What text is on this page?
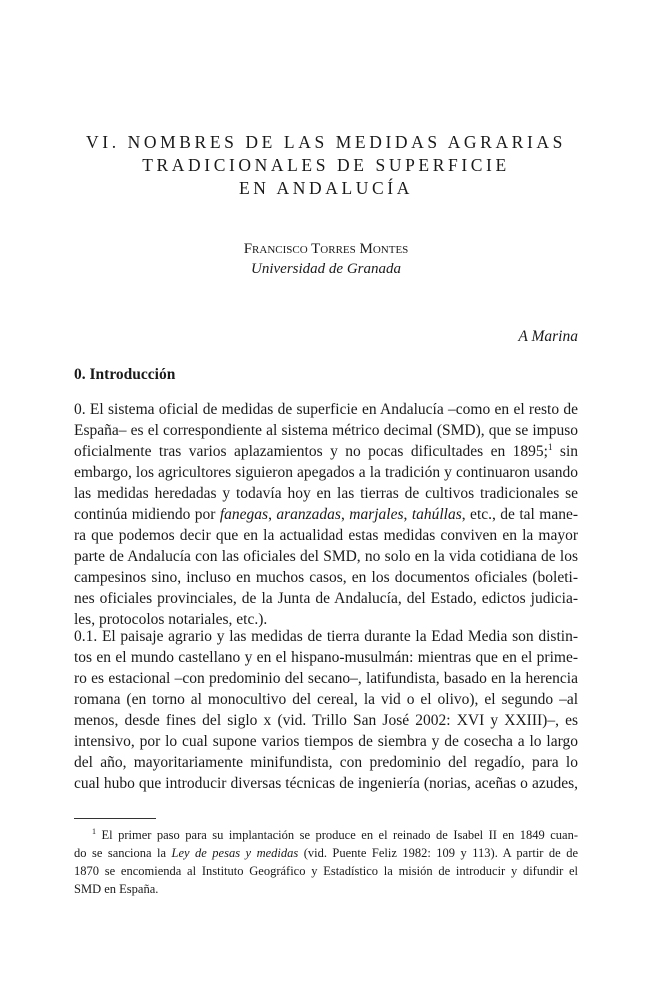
VI. NOMBRES DE LAS MEDIDAS AGRARIAS
TRADICIONALES DE SUPERFICIE
EN ANDALUCÍA
Francisco Torres Montes
Universidad de Granada
A Marina
0. Introducción
0. El sistema oficial de medidas de superficie en Andalucía –como en el resto de
España– es el correspondiente al sistema métrico decimal (SMD), que se impuso
oficialmente tras varios aplazamientos y no pocas dificultades en 1895;$^1$ sin
embargo, los agricultores siguieron apegados a la tradición y continuaron usando
las medidas heredadas y todavía hoy en las tierras de cultivos tradicionales se
continúa midiendo por fanegas, aranzadas, marjales, tahúllas, etc., de tal mane-
ra que podemos decir que en la actualidad estas medidas conviven en la mayor
parte de Andalucía con las oficiales del SMD, no solo en la vida cotidiana de los
campesinos sino, incluso en muchos casos, en los documentos oficiales (boleti-
nes oficiales provinciales, de la Junta de Andalucía, del Estado, edictos judicia-
les, protocolos notariales, etc.).
0.1. El paisaje agrario y las medidas de tierra durante la Edad Media son distin-
tos en el mundo castellano y en el hispano-musulmán: mientras que en el prime-
ro es estacional –con predominio del secano–, latifundista, basado en la herencia
romana (en torno al monocultivo del cereal, la vid o el olivo), el segundo –al
menos, desde fines del siglo x (vid. Trillo San José 2002: XVI y XXIII)–, es
intensivo, por lo cual supone varios tiempos de siembra y de cosecha a lo largo
del año, mayoritariamente minifundista, con predominio del regadío, para lo
cual hubo que introducir diversas técnicas de ingeniería (norias, aceñas o azudes,
$^1$ El primer paso para su implantación se produce en el reinado de Isabel II en 1849 cuan-
do se sanciona la Ley de pesas y medidas (vid. Puente Feliz 1982: 109 y 113). A partir de de
1870 se encomienda al Instituto Geográfico y Estadístico la misión de introducir y difundir el
SMD en España.
